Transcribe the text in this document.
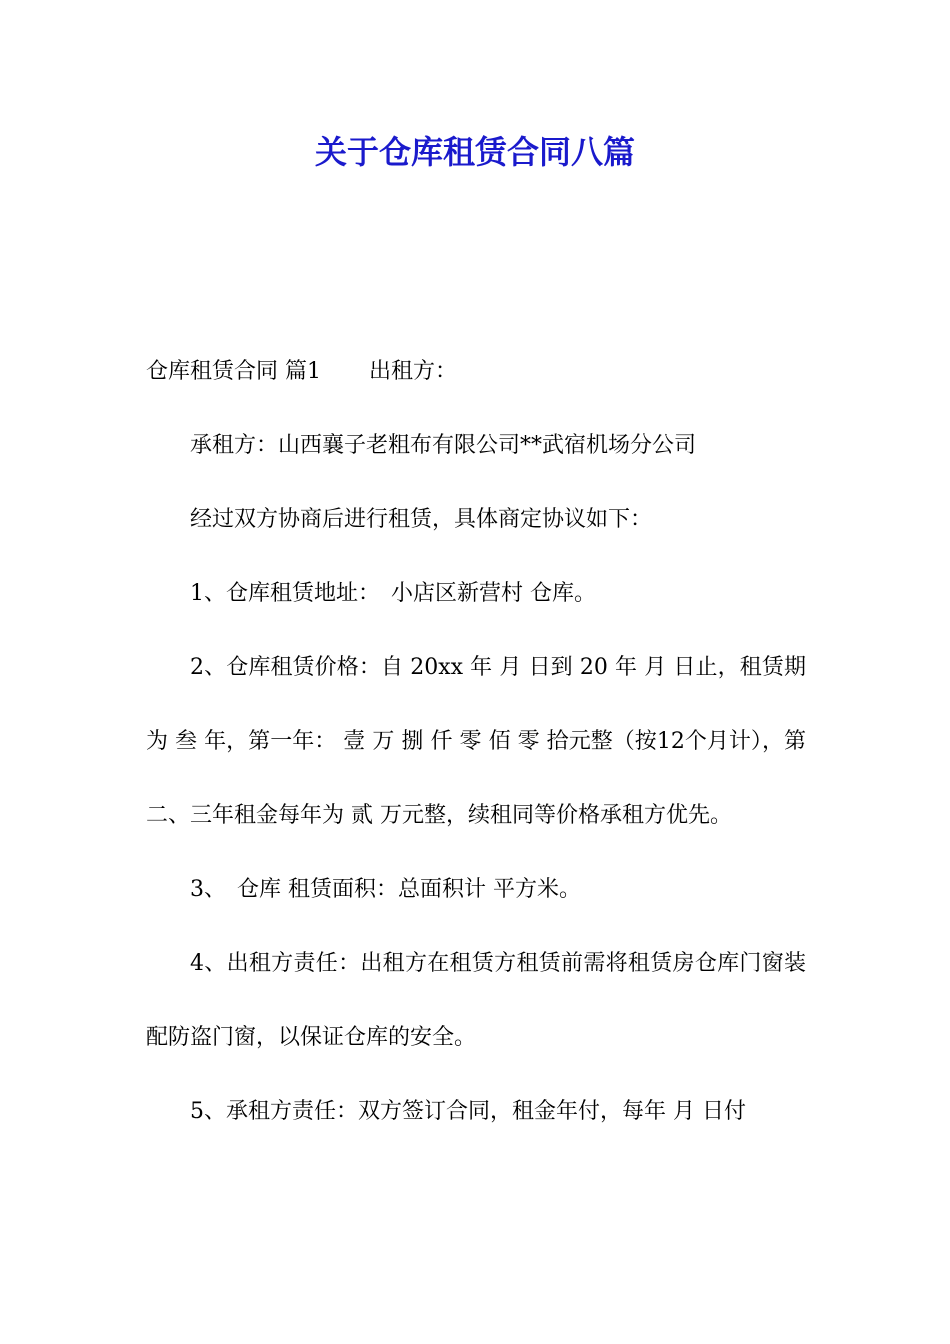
关于仓库租赁合同八篇

仓库租赁合同 篇1 出租方：

承租方：山西襄子老粗布有限公司**武宿机场分公司

经过双方协商后进行租赁，具体商定协议如下：

1、仓库租赁地址：　小店区新营村 仓库。

2、仓库租赁价格：自 20xx 年 月 日到 20 年 月 日止，租赁期为 叁 年，第一年： 壹 万 捌 仟 零 佰 零 拾元整（按12个月计），第二、三年租金每年为 贰 万元整，续租同等价格承租方优先。

3、　仓库 租赁面积：总面积计 平方米。

4、出租方责任：出租方在租赁方租赁前需将租赁房仓库门窗装配防盗门窗，以保证仓库的安全。

5、承租方责任：双方签订合同，租金年付，每年 月 日付
